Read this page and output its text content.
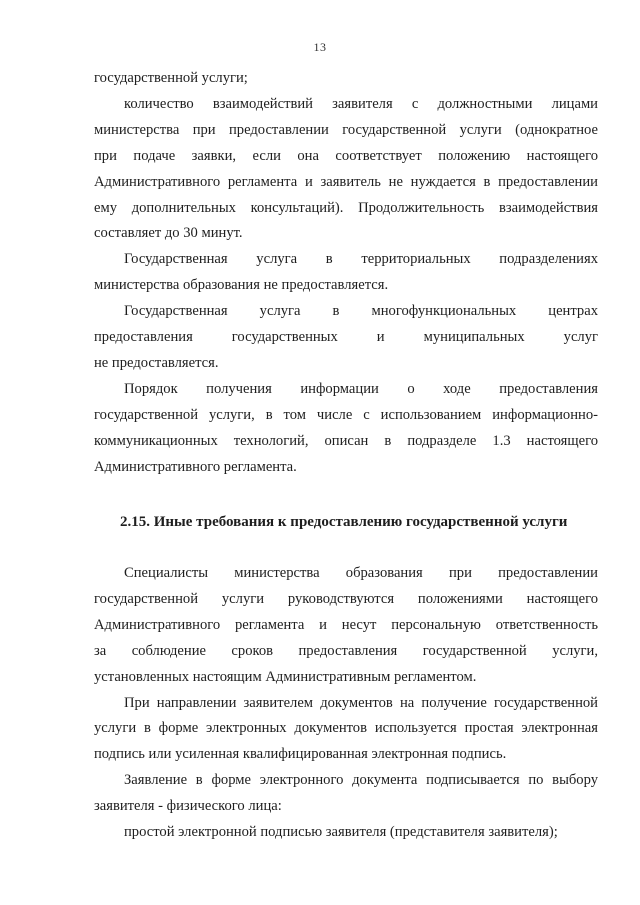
13

государственной услуги;

количество взаимодействий заявителя с должностными лицами

министерства при предоставлении государственной услуги (однократное

при подаче заявки, если она соответствует положению настоящего

Административного регламента и заявитель не нуждается в предоставлении

ему дополнительных консультаций). Продолжительность взаимодействия

составляет до 30 минут.

Государственная услуга в территориальных подразделениях

министерства образования не предоставляется.

Государственная услуга в многофункциональных центрах

предоставления государственных и муниципальных услуг

не предоставляется.

Порядок получения информации о ходе предоставления

государственной услуги, в том числе с использованием информационно-

коммуникационных технологий, описан в подразделе 1.3 настоящего

Административного регламента.

2.15. Иные требования к предоставлению государственной услуги

Специалисты министерства образования при предоставлении

государственной услуги руководствуются положениями настоящего

Административного регламента и несут персональную ответственность

за соблюдение сроков предоставления государственной услуги,

установленных настоящим Административным регламентом.

При направлении заявителем документов на получение государственной

услуги в форме электронных документов используется простая электронная

подпись или усиленная квалифицированная электронная подпись.

Заявление в форме электронного документа подписывается по выбору

заявителя - физического лица:

простой электронной подписью заявителя (представителя заявителя);
